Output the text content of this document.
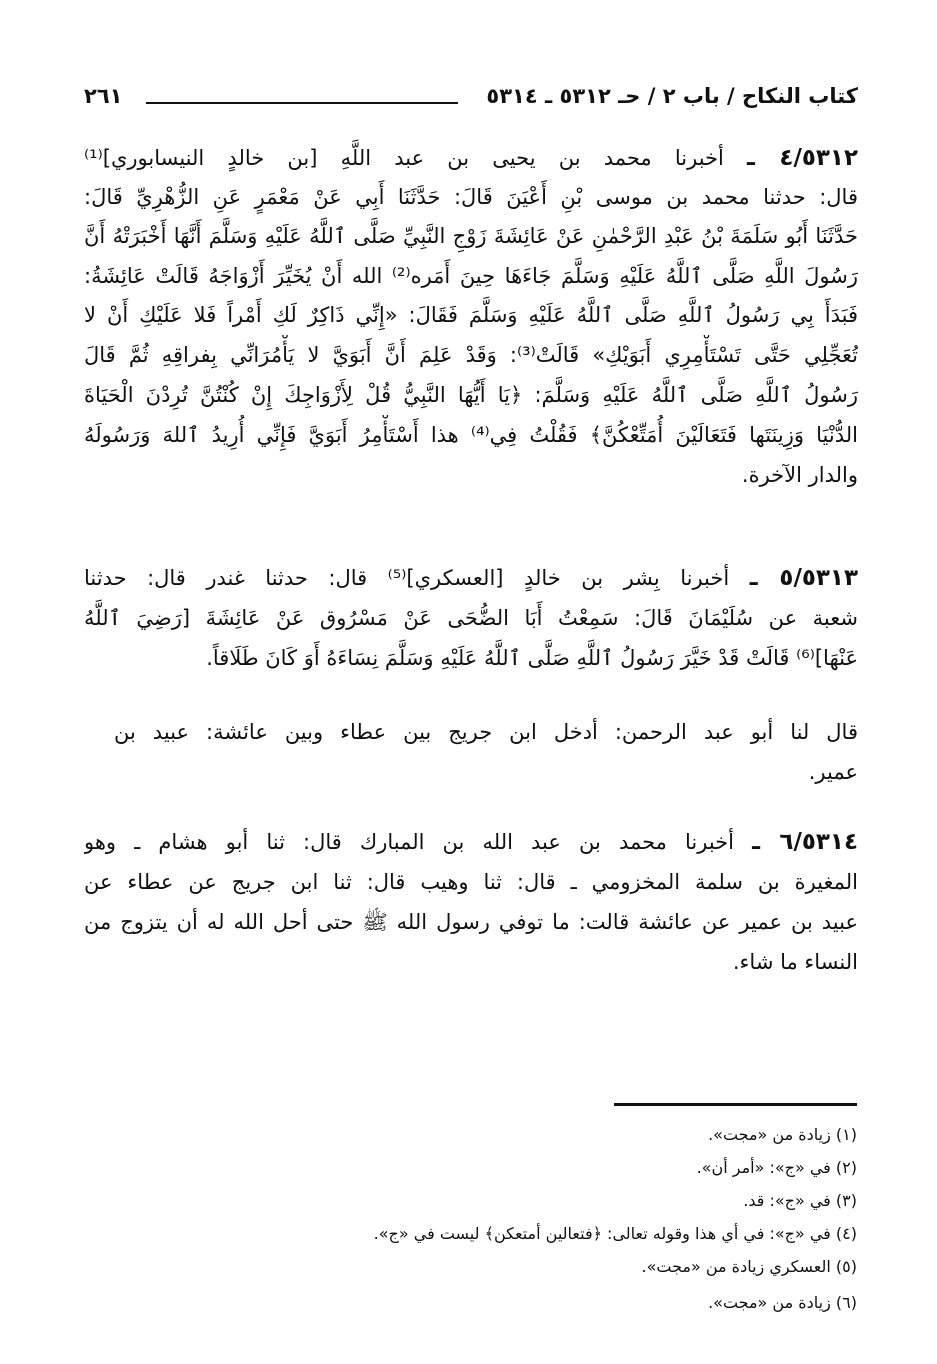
كتاب النكاح / باب ٢ / حـ ٥٣١٢ ـ ٥٣١٤
٢٦١
٤/٥٣١٢ ـ أخبرنا محمد بن يحيى بن عبد اللَّهِ [بن خالدٍ النيسابوري]⁽¹⁾
قال: حدثنا محمد بن موسى بْنِ أَعْيَنَ قَالَ: حَدَّثَنَا أَبِي عَنْ مَعْمَرٍ عَنِ الزُّهْرِيِّ قَالَ:
حَدَّثَنَا أَبُو سَلَمَةَ بْنُ عَبْدِ الرَّحْمٰنِ عَنْ عَائِشَةَ زَوْجِ النَّبِيِّ صَلَّى ٱللَّهُ عَلَيْهِ وَسَلَّمَ أَنَّهَا أَخْبَرَتْهُ أَنَّ
رَسُولَ اللَّهِ صَلَّى ٱللَّهُ عَلَيْهِ وَسَلَّمَ جَاءَهَا حِينَ أَمَره⁽²⁾ الله أَنْ يُخَيِّرَ أَزْوَاجَهُ قَالَتْ عَائِشَةُ:
فَبَدَأَ بِي رَسُولُ ٱللَّهِ صَلَّى ٱللَّهُ عَلَيْهِ وَسَلَّمَ فَقَالَ: «إِنِّي ذَاكِرٌ لَكِ أَمْراً فَلا عَلَيْكِ أَنْ لا
تُعَجِّلِي حَتَّى تَسْتَأْمِرِي أَبَوَيْكِ» قَالَتْ⁽³⁾: وَقَدْ عَلِمَ أَنَّ أَبَوَيَّ لا يَأْمُرَانِّي بِفراقِهِ ثُمَّ قَالَ
رَسُولُ ٱللَّهِ صَلَّى ٱللَّهُ عَلَيْهِ وَسَلَّمَ: ﴿يَا أَيُّهَا النَّبِيُّ قُلْ لِأَزْوَاجِكَ إِنْ كُنْتُنَّ تُرِدْنَ الْحَيَاةَ
الدُّنْيَا وَزِينَتَها فَتَعَالَيْنَ أُمَتِّعْكُنَّ﴾ فَقُلْتُ فِي⁽⁴⁾ هذا أَسْتَأْمِرُ أَبَوَيَّ فَإِنِّي أُرِيدُ ٱللهَ وَرَسُولَهُ
والدار الآخرة.
٥/٥٣١٣ ـ أخبرنا بِشر بن خالدٍ [العسكري]⁽⁵⁾ قال: حدثنا غندر قال: حدثنا
شعبة عن سُلَيْمَانَ قَالَ: سَمِعْتُ أَبَا الضُّحَى عَنْ مَسْرُوق عَنْ عَائِشَةَ [رَضِيَ ٱللَّهُ
عَنْهَا]⁽⁶⁾ قَالَتْ قَدْ خَيَّرَ رَسُولُ ٱللَّهِ صَلَّى ٱللَّهُ عَلَيْهِ وَسَلَّمَ نِسَاءَهُ أَوَ كَانَ طَلَاقاً.
قال لنا أبو عبد الرحمن: أدخل ابن جريج بين عطاء وبين عائشة: عبيد بن
عمير.
٦/٥٣١٤ ـ أخبرنا محمد بن عبد الله بن المبارك قال: ثنا أبو هشام ـ وهو
المغيرة بن سلمة المخزومي ـ قال: ثنا وهيب قال: ثنا ابن جريج عن عطاء عن
عبيد بن عمير عن عائشة قالت: ما توفي رسول الله ﷺ حتى أحل الله له أن يتزوج من
النساء ما شاء.
(١) زيادة من «مجت».
(٢) في «ج»: «أمر أن».
(٣) في «ج»: قد.
(٤) في «ج»: في أي هذا وقوله تعالى: ﴿فتعالين أمتعكن﴾ ليست في «ج».
(٥) العسكري زيادة من «مجت».
(٦) زيادة من «مجت».
